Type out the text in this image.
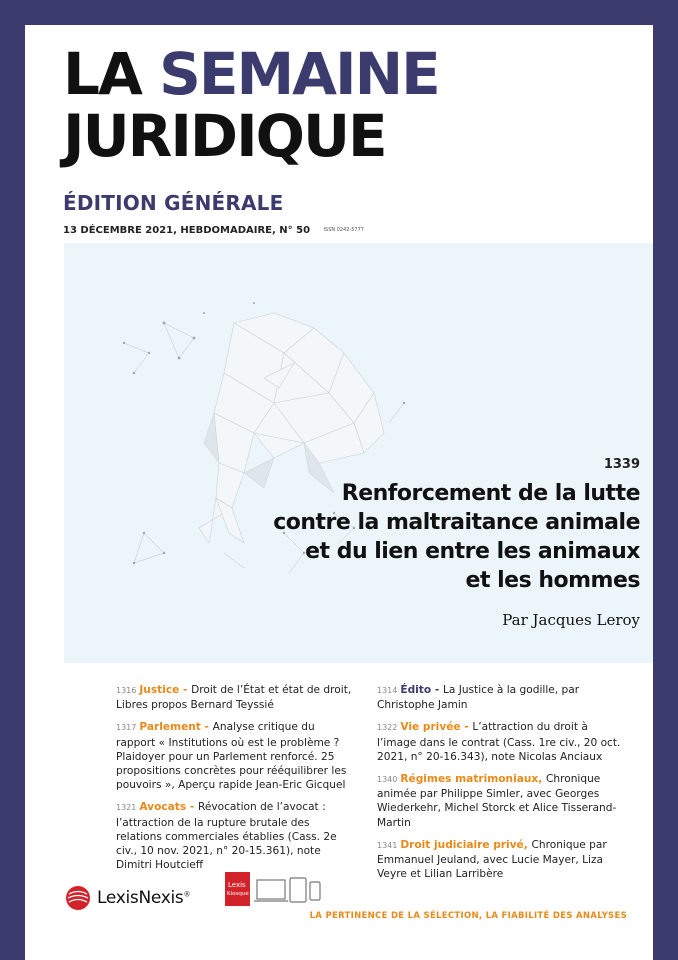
LA SEMAINE
JURIDIQUE
ÉDITION GÉNÉRALE
13 DÉCEMBRE 2021, HEBDOMADAIRE, N° 50	ISSN 0242-5777
1339
Renforcement de la lutte
contre la maltraitance animale
et du lien entre les animaux
et les hommes
Par Jacques Leroy
1316 Justice - Droit de l’État et état de droit, Libres propos Bernard Teyssié
1317 Parlement - Analyse critique du rapport « Institutions où est le problème ? Plaidoyer pour un Parlement renforcé. 25 propositions concrètes pour rééquilibrer les pouvoirs », Aperçu rapide Jean-Eric Gicquel
1321 Avocats - Révocation de l’avocat : l’attraction de la rupture brutale des relations commerciales établies (Cass. 2e civ., 10 nov. 2021, n° 20-15.361), note Dimitri Houtcieff
1314 Édito - La Justice à la godille, par Christophe Jamin
1322 Vie privée - L’attraction du droit à l’image dans le contrat (Cass. 1re civ., 20 oct. 2021, n° 20-16.343), note Nicolas Anciaux
1340 Régimes matrimoniaux, Chronique animée par Philippe Simler, avec Georges Wiederkehr, Michel Storck et Alice Tisserand-Martin
1341 Droit judiciaire privé, Chronique par Emmanuel Jeuland, avec Lucie Mayer, Liza Veyre et Lilian Larribère
LexisNexis®
Lexis
Kiosque
LA PERTINENCE DE LA SÉLECTION, LA FIABILITÉ DES ANALYSES
